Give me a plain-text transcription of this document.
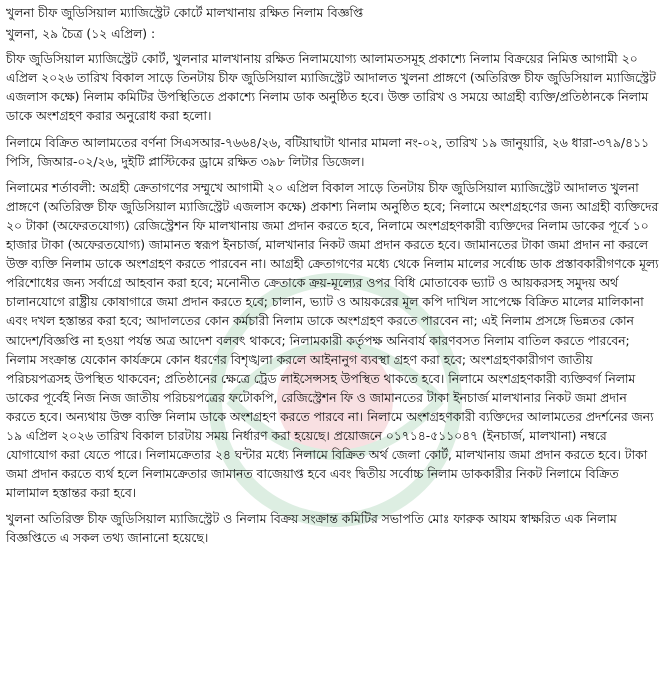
খুলনা চীফ জুডিসিয়াল ম্যাজিস্ট্রেট কোর্টে মালখানায় রক্ষিত নিলাম বিজ্ঞপ্তি
খুলনা, ২৯ চৈত্র (১২ এপ্রিল) :

চীফ জুডিসিয়াল ম্যাজিস্ট্রেট কোর্ট, খুলনার মালখানায় রক্ষিত নিলামযোগ্য আলামতসমূহ প্রকাশ্যে নিলাম বিক্রয়ের নিমিত্ত আগামী ২০ এপ্রিল ২০২৬ তারিখ বিকাল সাড়ে তিনটায় চীফ জুডিসিয়াল ম্যাজিস্ট্রেট আদালত খুলনা প্রাঙ্গণে (অতিরিক্ত চীফ জুডিসিয়াল ম্যাজিস্ট্রেট এজলাস কক্ষে) নিলাম কমিটির উপস্থিতিতে প্রকাশ্যে নিলাম ডাক অনুষ্ঠিত হবে। উক্ত তারিখ ও সময়ে আগ্রহী ব্যক্তি/প্রতিষ্ঠানকে নিলাম ডাকে অংশগ্রহণ করার অনুরোধ করা হলো।

নিলামে বিক্রিত আলামতের বর্ণনা সিএসআর-৭৬৬৪/২৬, বটিয়াঘাটা থানার মামলা নং-০২, তারিখ ১৯ জানুয়ারি, ২৬ ধারা-৩৭৯/৪১১ পিসি, জিআর-০২/২৬, দুইটি প্লাস্টিকের ড্রামে রক্ষিত ৩৯৮ লিটার ডিজেল।

নিলামের শর্তাবলী: অগ্রহী ক্রেতাগণের সম্মুখে আগামী ২০ এপ্রিল বিকাল সাড়ে তিনটায় চীফ জুডিসিয়াল ম্যাজিস্ট্রেট আদালত খুলনা প্রাঙ্গণে (অতিরিক্ত চীফ জুডিসিয়াল ম্যাজিস্ট্রেট এজলাস কক্ষে) প্রকাশ্য নিলাম অনুষ্ঠিত হবে; নিলামে অংশগ্রহণের জন্য আগ্রহী ব্যক্তিদের ২০ টাকা (অফেরতযোগ্য) রেজিস্ট্রেশন ফি মালখানায় জমা প্রদান করতে হবে, নিলামে অংশগ্রহণকারী ব্যক্তিদের নিলাম ডাকের পূর্বে ১০ হাজার টাকা (অফেরতযোগ্য) জামানত স্বরূপ ইনচার্জ, মালখানার নিকট জমা প্রদান করতে হবে। জামানতের টাকা জমা প্রদান না করলে উক্ত ব্যক্তি নিলাম ডাকে অংশগ্রহণ করতে পারবেন না। আগ্রহী ক্রেতাগণের মধ্যে থেকে নিলাম মালের সর্বোচ্চ ডাক প্রস্তাবকারীগণকে মূল্য পরিশোধের জন্য সর্বাগ্রে আহবান করা হবে; মনোনীত ক্রেতাকে ক্রয়-মূল্যের ওপর বিধি মোতাবেক ভ্যাট ও আয়করসহ সমুদয় অর্থ চালানযোগে রাষ্ট্রীয় কোষাগারে জমা প্রদান করতে হবে; চালান, ভ্যাট ও আয়করের মূল কপি দাখিল সাপেক্ষে বিক্রিত মালের মালিকানা এবং দখল হস্তান্তর করা হবে; আদালতের কোন কর্মচারী নিলাম ডাকে অংশগ্রহণ করতে পারবেন না; এই নিলাম প্রসঙ্গে ভিন্নতর কোন আদেশ/বিজ্ঞপ্তি না হওয়া পর্যন্ত অত্র আদেশ বলবৎ থাকবে; নিলামকারী কর্তৃপক্ষ অনিবার্য কারণবসত নিলাম বাতিল করতে পারবেন; নিলাম সংক্রান্ত যেকোন কার্যক্রমে কোন ধরণের বিশৃঙ্খলা করলে আইনানুগ ব্যবস্থা গ্রহণ করা হবে; অংশগ্রহণকারীগণ জাতীয় পরিচয়পত্রসহ উপস্থিত থাকবেন; প্রতিষ্ঠানের ক্ষেত্রে ট্রেড লাইসেন্সসহ উপস্থিত থাকতে হবে। নিলামে অংশগ্রহণকারী ব্যক্তিবর্গ নিলাম ডাকের পূর্বেই নিজ নিজ জাতীয় পরিচয়পত্রের ফটোকপি, রেজিস্ট্রেশন ফি ও জামানতের টাকা ইনচার্জ মালখানার নিকট জমা প্রদান করতে হবে। অন্যথায় উক্ত ব্যক্তি নিলাম ডাকে অংশগ্রহণ করতে পারবে না। নিলামে অংশগ্রহণকারী ব্যক্তিদের আলামতের প্রদর্শনের জন্য ১৯ এপ্রিল ২০২৬ তারিখ বিকাল চারটায় সময় নির্ধারণ করা হয়েছে। প্রয়োজনে ০১৭১৪-৫১১০৪৭ (ইনচার্জ, মালখানা) নম্বরে যোগাযোগ করা যেতে পারে। নিলামক্রেতার ২৪ ঘন্টার মধ্যে নিলামে বিক্রিত অর্থ জেলা কোর্ট, মালখানায় জমা প্রদান করতে হবে। টাকা জমা প্রদান করতে ব্যর্থ হলে নিলামক্রেতার জামানত বাজেয়াপ্ত হবে এবং দ্বিতীয় সর্বোচ্চ নিলাম ডাককারীর নিকট নিলামে বিক্রিত মালামাল হস্তান্তর করা হবে।

খুলনা অতিরিক্ত চীফ জুডিসিয়াল ম্যাজিস্ট্রেট ও নিলাম বিক্রয় সংক্রান্ত কমিটির সভাপতি মোঃ ফারুক আযম স্বাক্ষরিত এক নিলাম বিজ্ঞপ্তিতে এ সকল তথ্য জানানো হয়েছে।
